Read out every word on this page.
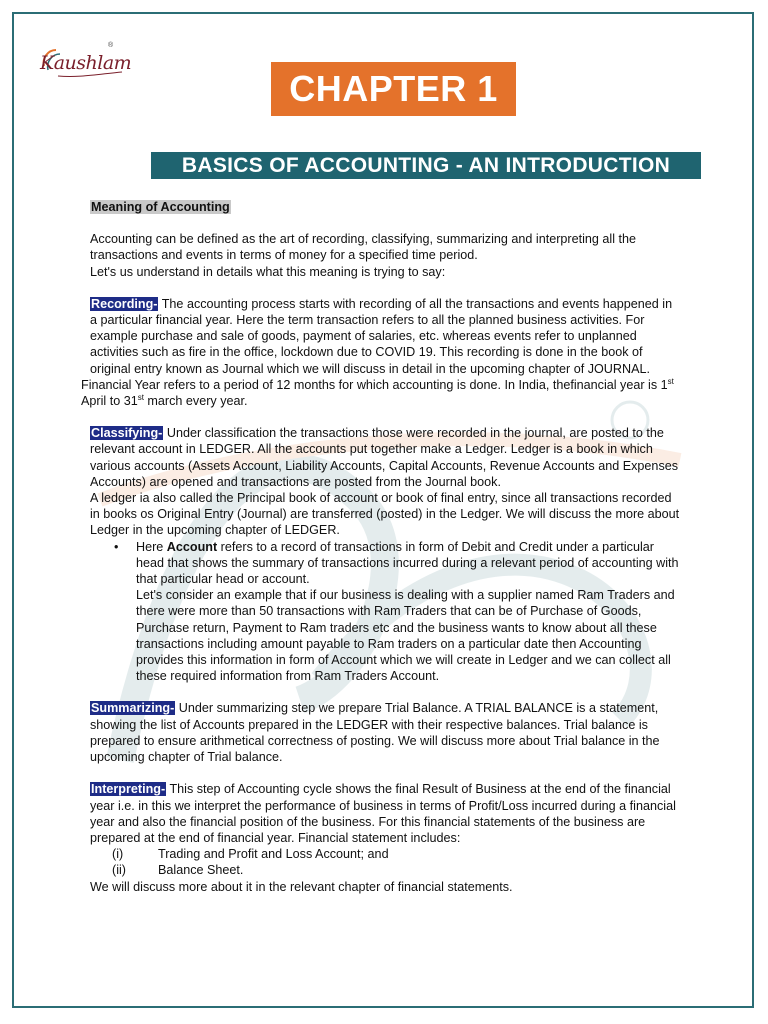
Kaushlam
®
CHAPTER 1
BASICS OF ACCOUNTING - AN INTRODUCTION

Meaning of Accounting

Accounting can be defined as the art of recording, classifying, summarizing and interpreting all the transactions and events in terms of money for a specified time period.

Let's us understand in details what this meaning is trying to say:

Recording- The accounting process starts with recording of all the transactions and events happened in a particular financial year. Here the term transaction refers to all the planned business activities. For example purchase and sale of goods, payment of salaries, etc. whereas events refer to unplanned activities such as fire in the office, lockdown due to COVID 19. This recording is done in the book of original entry known as Journal which we will discuss in detail in the upcoming chapter of JOURNAL.

Financial Year refers to a period of 12 months for which accounting is done. In India, thefinancial year is 1st April to 31st march every year.

Classifying- Under classification the transactions those were recorded in the journal, are posted to the relevant account in LEDGER. All the accounts put together make a Ledger. Ledger is a book in which various accounts (Assets Account, Liability Accounts, Capital Accounts, Revenue Accounts and Expenses Accounts) are opened and transactions are posted from the Journal book.

A ledger ia also called the Principal book of account or book of final entry, since all transactions recorded in books os Original Entry (Journal) are transferred (posted) in the Ledger. We will discuss the more about Ledger in the upcoming chapter of LEDGER.

• Here Account refers to a record of transactions in form of Debit and Credit under a particular head that shows the summary of transactions incurred during a relevant period of accounting with that particular head or account.

Let's consider an example that if our business is dealing with a supplier named Ram Traders and there were more than 50 transactions with Ram Traders that can be of Purchase of Goods, Purchase return, Payment to Ram traders etc and the business wants to know about all these transactions including amount payable to Ram traders on a particular date then Accounting provides this information in form of Account which we will create in Ledger and we can collect all these required information from Ram Traders Account.

Summarizing- Under summarizing step we prepare Trial Balance. A TRIAL BALANCE is a statement, showing the list of Accounts prepared in the LEDGER with their respective balances. Trial balance is prepared to ensure arithmetical correctness of posting. We will discuss more about Trial balance in the upcoming chapter of Trial balance.

Interpreting- This step of Accounting cycle shows the final Result of Business at the end of the financial year i.e. in this we interpret the performance of business in terms of Profit/Loss incurred during a financial year and also the financial position of the business. For this financial statements of the business are prepared at the end of financial year. Financial statement includes:

(i)	Trading and Profit and Loss Account; and
(ii)	Balance Sheet.

We will discuss more about it in the relevant chapter of financial statements.
